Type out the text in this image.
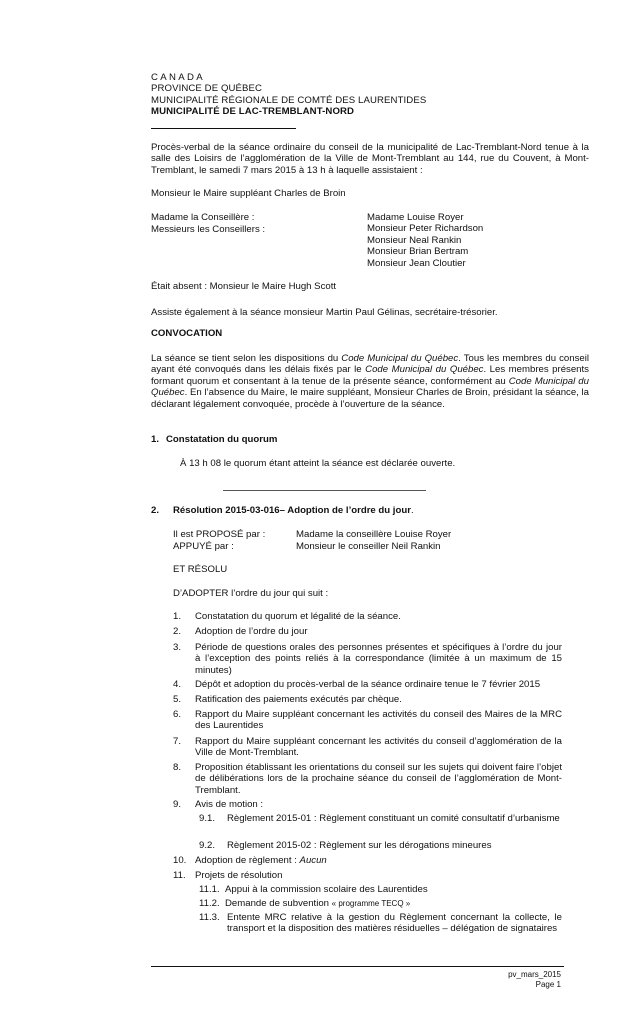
C A N A D A
PROVINCE DE QUÉBEC
MUNICIPALITÉ RÉGIONALE DE COMTÉ DES LAURENTIDES
MUNICIPALITÉ DE LAC-TREMBLANT-NORD
Procès-verbal de la séance ordinaire du conseil de la municipalité de Lac-Tremblant-Nord tenue à la salle des Loisirs de l’agglomération de la Ville de Mont-Tremblant au 144, rue du Couvent, à Mont-Tremblant, le samedi 7 mars 2015 à 13 h à laquelle assistaient :
Monsieur le Maire suppléant Charles de Broin
Madame la Conseillère :
Messieurs les Conseillers :
Madame Louise Royer
Monsieur Peter Richardson
Monsieur Neal Rankin
Monsieur Brian Bertram
Monsieur Jean Cloutier
Était absent : Monsieur le Maire Hugh Scott
Assiste également à la séance monsieur Martin Paul Gélinas, secrétaire-trésorier.
CONVOCATION
La séance se tient selon les dispositions du Code Municipal du Québec. Tous les membres du conseil ayant été convoqués dans les délais fixés par le Code Municipal du Québec. Les membres présents formant quorum et consentant à la tenue de la présente séance, conformément au Code Municipal du Québec. En l’absence du Maire, le maire suppléant, Monsieur Charles de Broin, présidant la séance, la déclarant légalement convoquée, procède à l’ouverture de la séance.
1. Constatation du quorum
À 13 h 08 le quorum étant atteint la séance est déclarée ouverte.
2. Résolution 2015-03-016– Adoption de l’ordre du jour.
Il est PROPOSÉ par :	Madame la conseillère Louise Royer
APPUYÉ par :	Monsieur le conseiller Neil Rankin
ET RÉSOLU
D’ADOPTER l’ordre du jour qui suit :
1. Constatation du quorum et légalité de la séance.
2. Adoption de l’ordre du jour
3. Période de questions orales des personnes présentes et spécifiques à l’ordre du jour à l’exception des points reliés à la correspondance (limitée à un maximum de 15 minutes)
4. Dépôt et adoption du procès-verbal de la séance ordinaire tenue le 7 février 2015
5. Ratification des paiements exécutés par chèque.
6. Rapport du Maire suppléant concernant les activités du conseil des Maires de la MRC des Laurentides
7. Rapport du Maire suppléant concernant les activités du conseil d’agglomération de la Ville de Mont-Tremblant.
8. Proposition établissant les orientations du conseil sur les sujets qui doivent faire l’objet de délibérations lors de la prochaine séance du conseil de l’agglomération de Mont-Tremblant.
9. Avis de motion :
9.1. Règlement 2015-01 : Règlement constituant un comité consultatif d’urbanisme
9.2. Règlement 2015-02 : Règlement sur les dérogations mineures
10. Adoption de règlement : Aucun
11. Projets de résolution
11.1. Appui à la commission scolaire des Laurentides
11.2. Demande de subvention « programme TECQ »
11.3. Entente MRC relative à la gestion du Règlement concernant la collecte, le transport et la disposition des matières résiduelles – délégation de signataires
pv_mars_2015
Page 1
